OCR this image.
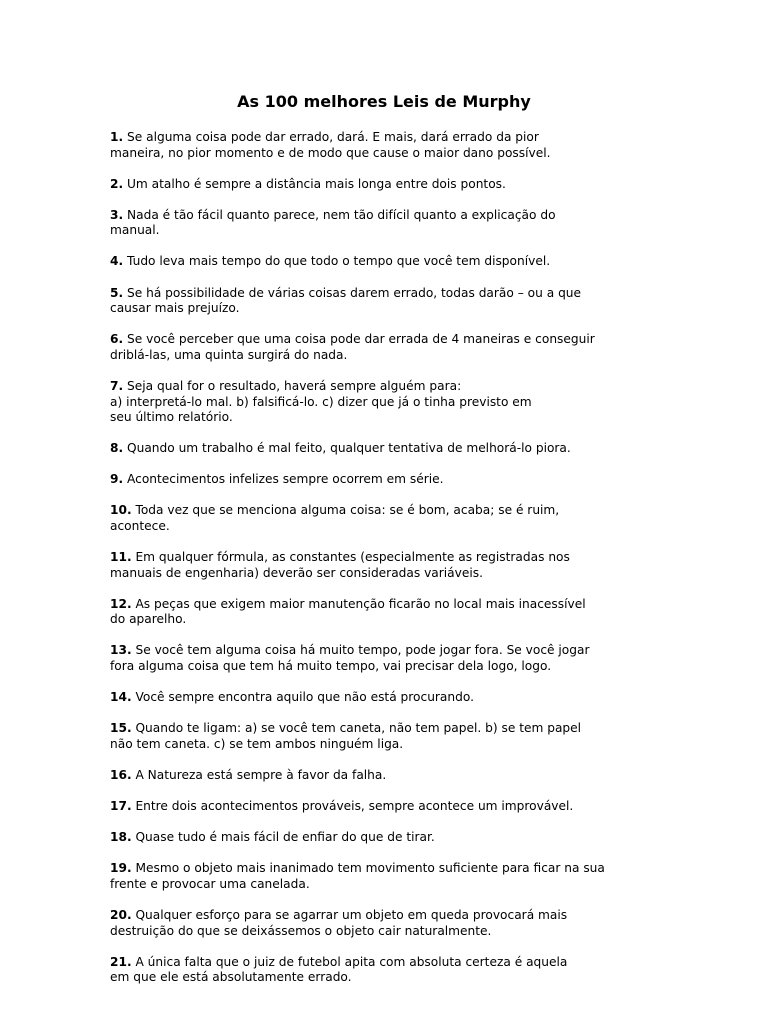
As 100 melhores Leis de Murphy
1. Se alguma coisa pode dar errado, dará. E mais, dará errado da pior
maneira, no pior momento e de modo que cause o maior dano possível.
2. Um atalho é sempre a distância mais longa entre dois pontos.
3. Nada é tão fácil quanto parece, nem tão difícil quanto a explicação do
manual.
4. Tudo leva mais tempo do que todo o tempo que você tem disponível.
5. Se há possibilidade de várias coisas darem errado, todas darão – ou a que
causar mais prejuízo.
6. Se você perceber que uma coisa pode dar errada de 4 maneiras e conseguir
driblá-las, uma quinta surgirá do nada.
7. Seja qual for o resultado, haverá sempre alguém para:
a) interpretá-lo mal. b) falsificá-lo. c) dizer que já o tinha previsto em
seu último relatório.
8. Quando um trabalho é mal feito, qualquer tentativa de melhorá-lo piora.
9. Acontecimentos infelizes sempre ocorrem em série.
10. Toda vez que se menciona alguma coisa: se é bom, acaba; se é ruim,
acontece.
11. Em qualquer fórmula, as constantes (especialmente as registradas nos
manuais de engenharia) deverão ser consideradas variáveis.
12. As peças que exigem maior manutenção ficarão no local mais inacessível
do aparelho.
13. Se você tem alguma coisa há muito tempo, pode jogar fora. Se você jogar
fora alguma coisa que tem há muito tempo, vai precisar dela logo, logo.
14. Você sempre encontra aquilo que não está procurando.
15. Quando te ligam: a) se você tem caneta, não tem papel. b) se tem papel
não tem caneta. c) se tem ambos ninguém liga.
16. A Natureza está sempre à favor da falha.
17. Entre dois acontecimentos prováveis, sempre acontece um improvável.
18. Quase tudo é mais fácil de enfiar do que de tirar.
19. Mesmo o objeto mais inanimado tem movimento suficiente para ficar na sua
frente e provocar uma canelada.
20. Qualquer esforço para se agarrar um objeto em queda provocará mais
destruição do que se deixássemos o objeto cair naturalmente.
21. A única falta que o juiz de futebol apita com absoluta certeza é aquela
em que ele está absolutamente errado.
